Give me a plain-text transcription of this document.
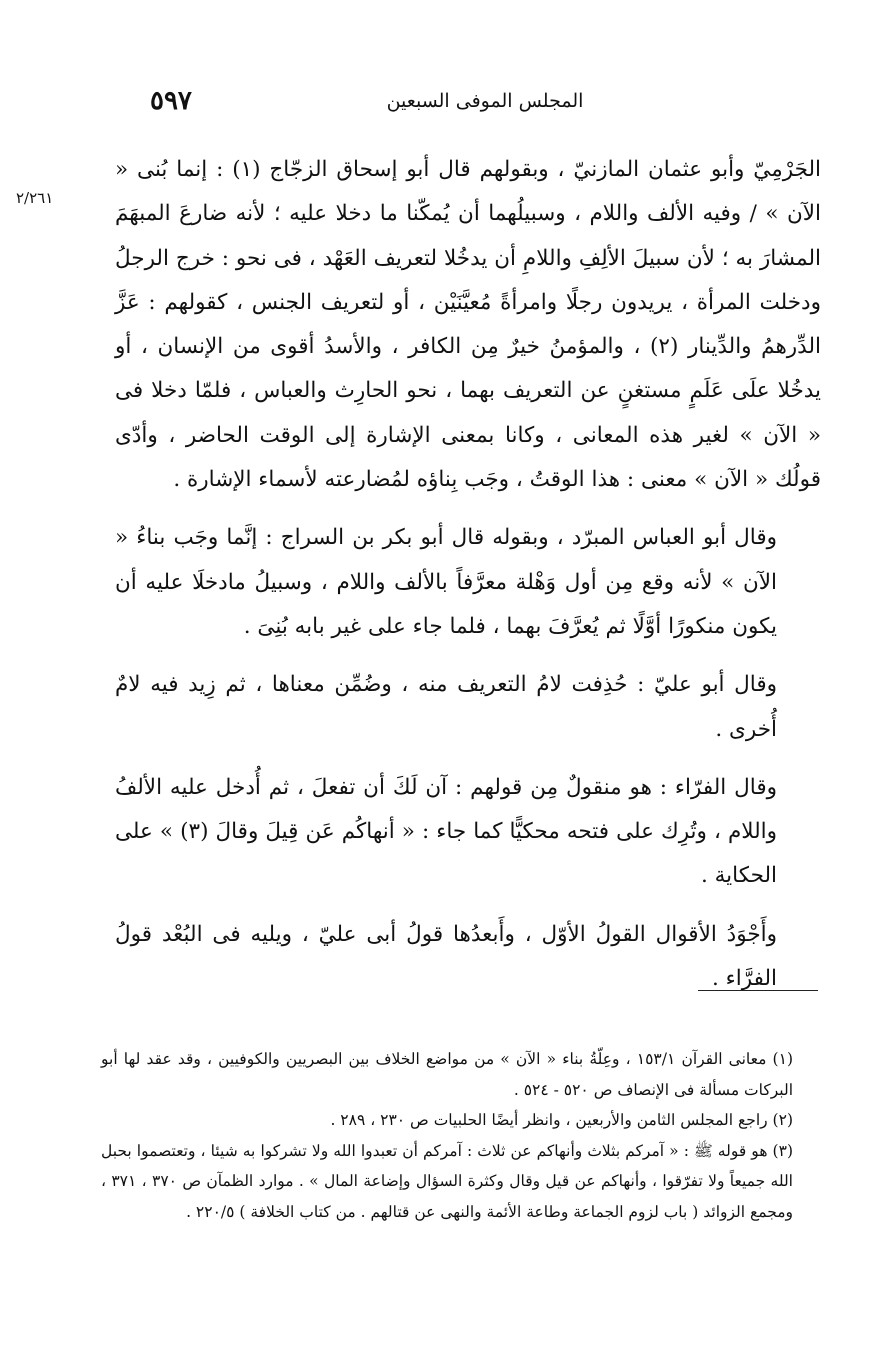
٥٩٧	المجلس الموفى السبعين
٢/٢٦١

الجَرْمِيّ وأبو عثمان المازنيّ ، وبقولهم قال أبو إسحاق الزجّاج (١) : إنما بُنى « الآن » / وفيه الألف واللام ، وسبيلُهما أن يُمكّنا ما دخلا عليه ؛ لأنه ضارعَ المبهَمَ المشارَ به ؛ لأن سبيلَ الألِفِ واللامِ أن يدخُلا لتعريف العَهْد ، فى نحو : خرج الرجلُ ودخلت المرأة ، يريدون رجلًا وامرأةً مُعيَّنَيْن ، أو لتعريف الجنس ، كقولهم : عَزَّ الدِّرهمُ والدِّينار (٢) ، والمؤمنُ خيرٌ مِن الكافر ، والأسدُ أقوى من الإنسان ، أو يدخُلا علَى عَلَمٍ مستغنٍ عن التعريف بهما ، نحو الحارِث والعباس ، فلمّا دخلا فى « الآن » لغير هذه المعانى ، وكانا بمعنى الإشارة إلى الوقت الحاضر ، وأدّى قولُك « الآن » معنى : هذا الوقتُ ، وجَب بِناؤه لمُضارعته لأسماء الإشارة .

وقال أبو العباس المبرّد ، وبقوله قال أبو بكر بن السراج : إنَّما وجَب بناءُ « الآن » لأنه وقع مِن أول وَهْلة معرَّفاً بالألف واللام ، وسبيلُ مادخلَا عليه أن يكون منكورًا أوَّلًا ثم يُعرَّفَ بهما ، فلما جاء على غير بابه بُنِىَ .

وقال أبو عليّ : حُذِفت لامُ التعريف منه ، وضُمِّن معناها ، ثم زِيد فيه لامٌ أُخرى .

وقال الفرّاء : هو منقولٌ مِن قولهم : آن لَكَ أن تفعلَ ، ثم أُدخل عليه الألفُ واللام ، وتُرِك على فتحه محكيًّا كما جاء : « أنهاكُم عَن قِيلَ وقالَ (٣) » على الحكاية .

وأَجْوَدُ الأقوال القولُ الأوّل ، وأَبعدُها قولُ أبى عليّ ، ويليه فى البُعْد قولُ الفرَّاء .

(١) معانى القرآن ١٥٣/١ ، وعِلّةُ بناء « الآن » من مواضع الخلاف بين البصريين والكوفيين ، وقد عقد لها أبو البركات مسألة فى الإنصاف ص ٥٢٠ - ٥٢٤ .

(٢) راجع المجلس الثامن والأربعين ، وانظر أيضًا الحلبيات ص ٢٣٠ ، ٢٨٩ .

(٣) هو قوله ﷺ : « آمركم بثلاث وأنهاكم عن ثلاث : آمركم أن تعبدوا الله ولا تشركوا به شيئا ، وتعتصموا بحبل الله جميعاً ولا تفرّقوا ، وأنهاكم عن قيل وقال وكثرة السؤال وإضاعة المال » . موارد الظمآن ص ٣٧٠ ، ٣٧١ ، ومجمع الزوائد ( باب لزوم الجماعة وطاعة الأئمة والنهى عن قتالهم . من كتاب الخلافة ) ٢٢٠/٥ .
